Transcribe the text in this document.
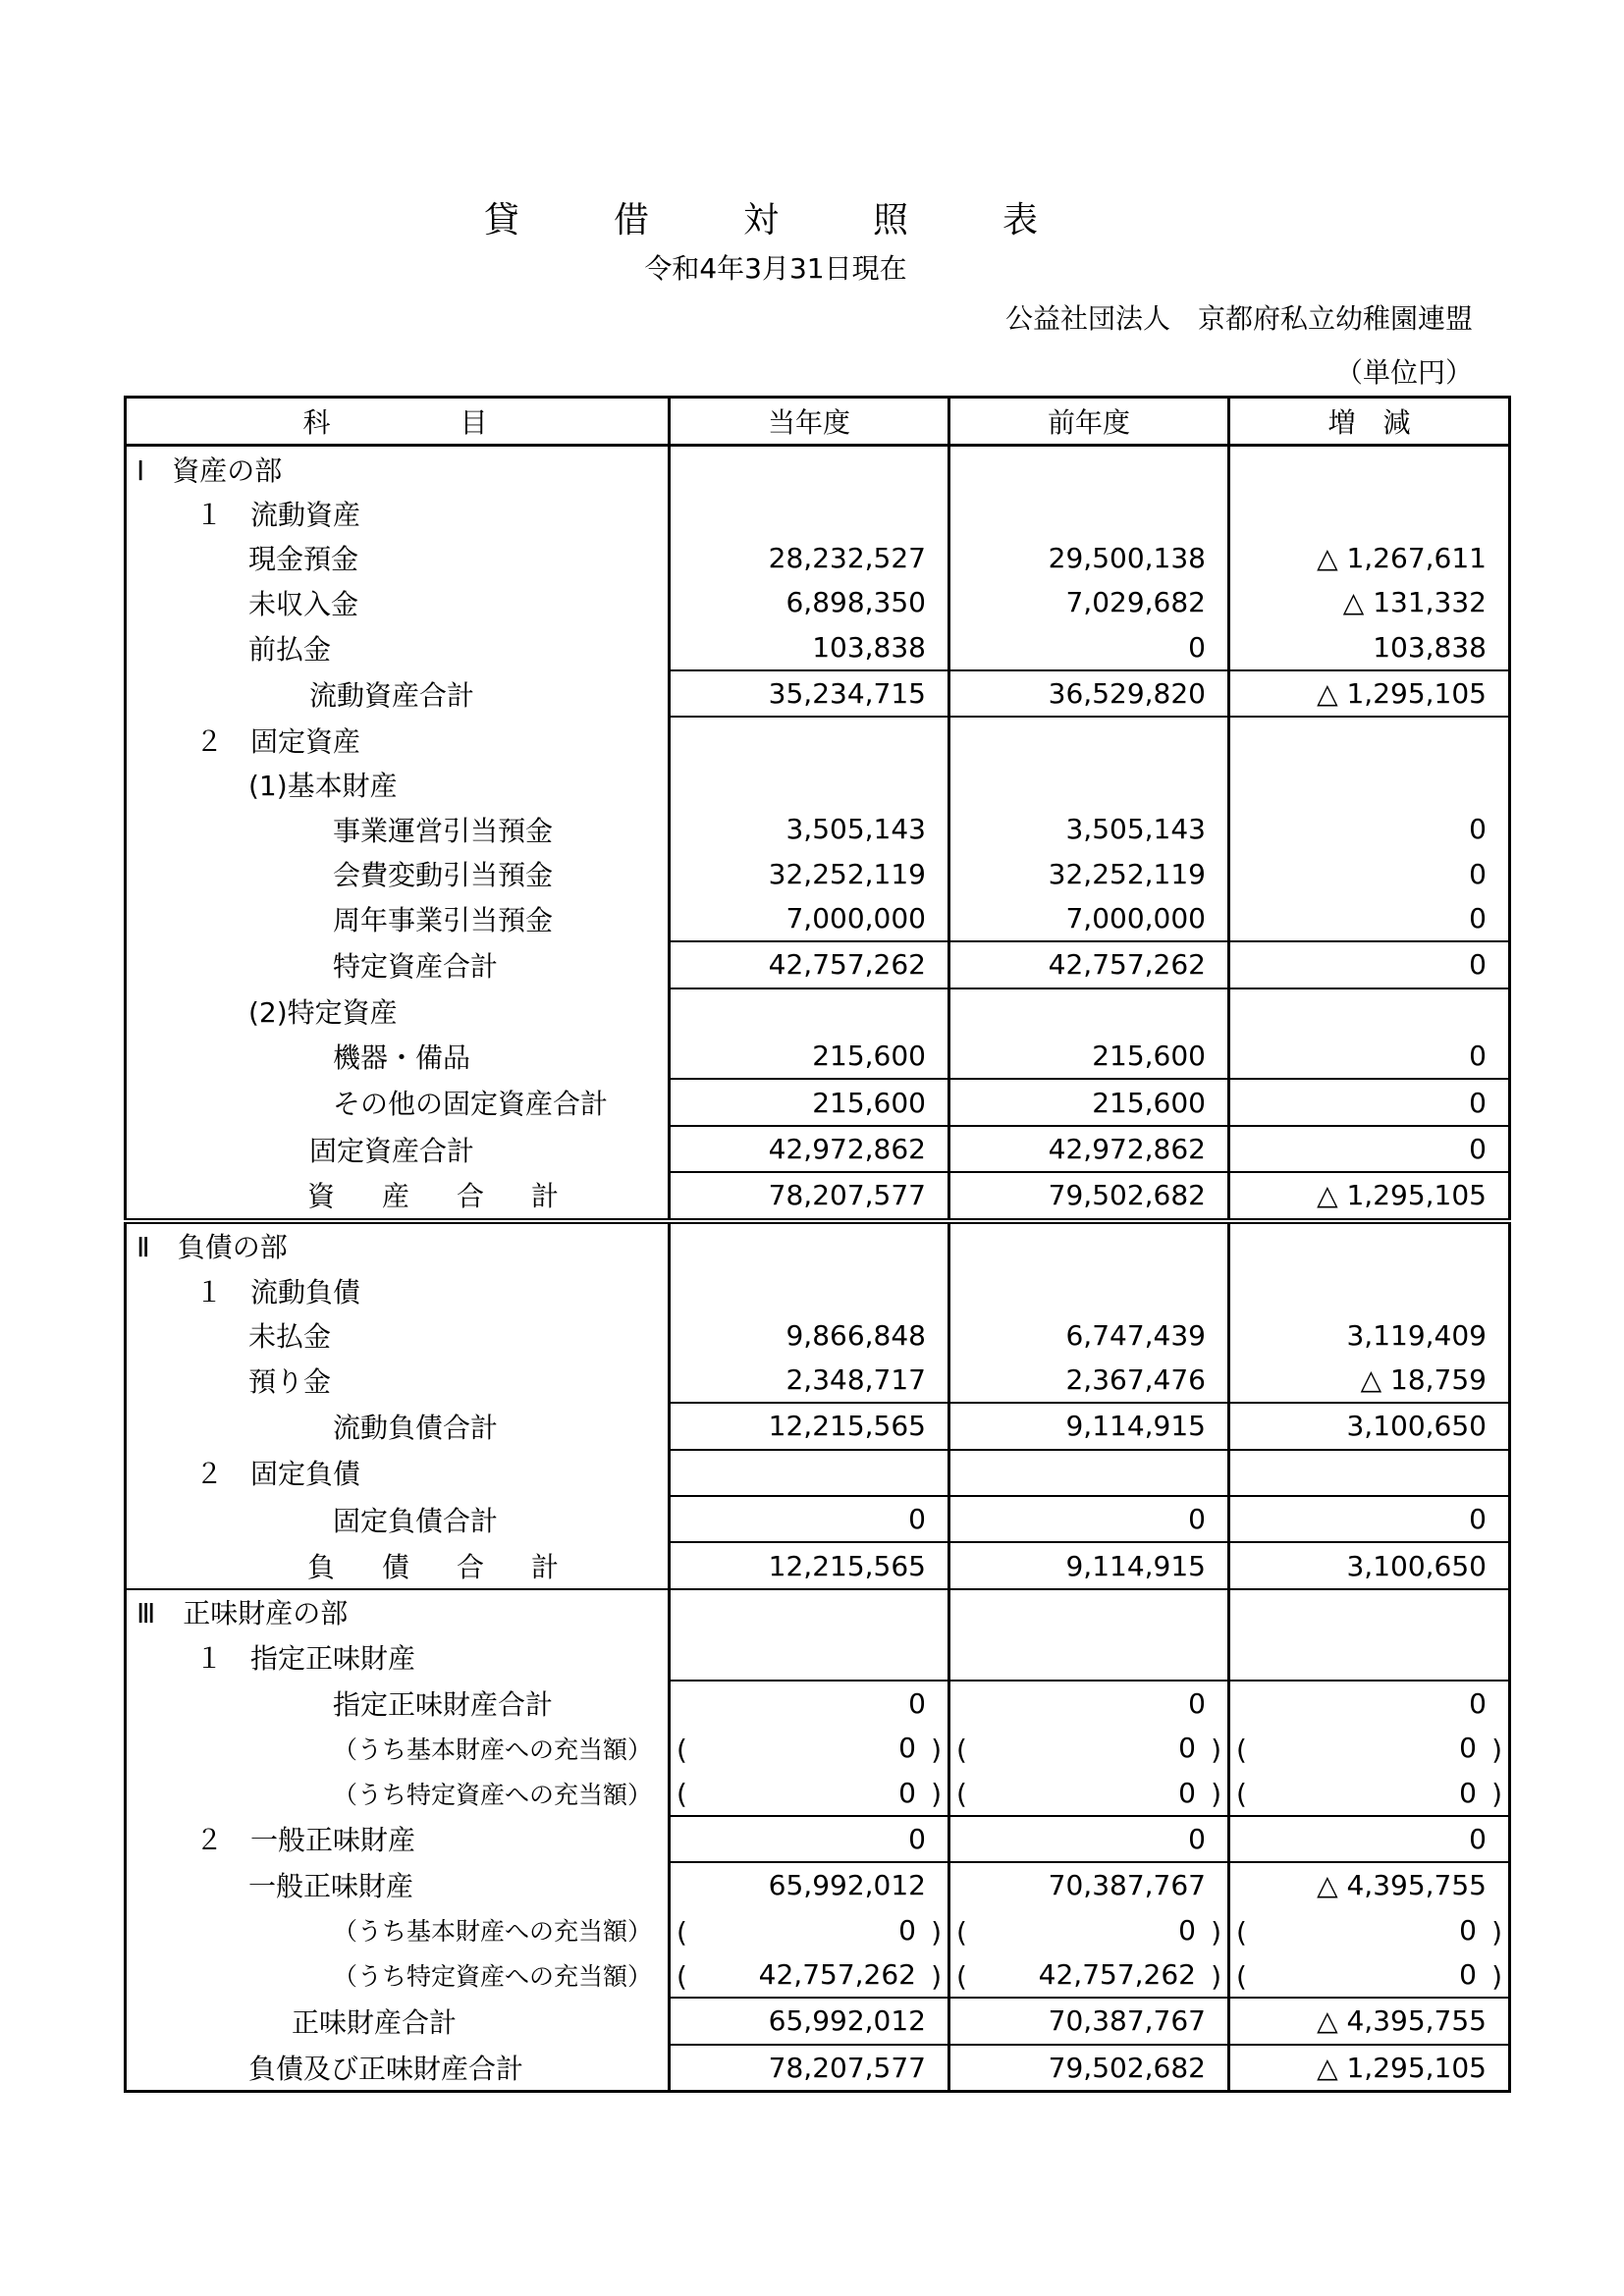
貸　借　対　照　表
令和4年3月31日現在
公益社団法人　京都府私立幼稚園連盟
（単位円）
科　　　　目	当年度	前年度	増　減
Ⅰ　資産の部			
１　流動資産			
現金預金	28,232,527	29,500,138	△ 1,267,611
未収入金	6,898,350	7,029,682	△ 131,332
前払金	103,838	0	103,838
流動資産合計	35,234,715	36,529,820	△ 1,295,105
２　固定資産			
(1)基本財産			
事業運営引当預金	3,505,143	3,505,143	0
会費変動引当預金	32,252,119	32,252,119	0
周年事業引当預金	7,000,000	7,000,000	0
特定資産合計	42,757,262	42,757,262	0
(2)特定資産			
機器・備品	215,600	215,600	0
その他の固定資産合計	215,600	215,600	0
固定資産合計	42,972,862	42,972,862	0
資　産　合　計	78,207,577	79,502,682	△ 1,295,105
Ⅱ　負債の部			
１　流動負債			
未払金	9,866,848	6,747,439	3,119,409
預り金	2,348,717	2,367,476	△ 18,759
流動負債合計	12,215,565	9,114,915	3,100,650
２　固定負債			
固定負債合計	0	0	0
負　債　合　計	12,215,565	9,114,915	3,100,650
Ⅲ　正味財産の部			
１　指定正味財産			
指定正味財産合計	0	0	0
（うち基本財産への充当額）	( 0 )	( 0 )	( 0 )

（うち特定資産への充当額）	( 0 )	( 0 )	( 0 )

２　一般正味財産	0	0	0
一般正味財産	65,992,012	70,387,767	△ 4,395,755
（うち基本財産への充当額）	( 0 )	( 0 )	( 0 )

（うち特定資産への充当額）	( 42,757,262 )	( 42,757,262 )	( 0 )

正味財産合計	65,992,012	70,387,767	△ 4,395,755
負債及び正味財産合計	78,207,577	79,502,682	△ 1,295,105
